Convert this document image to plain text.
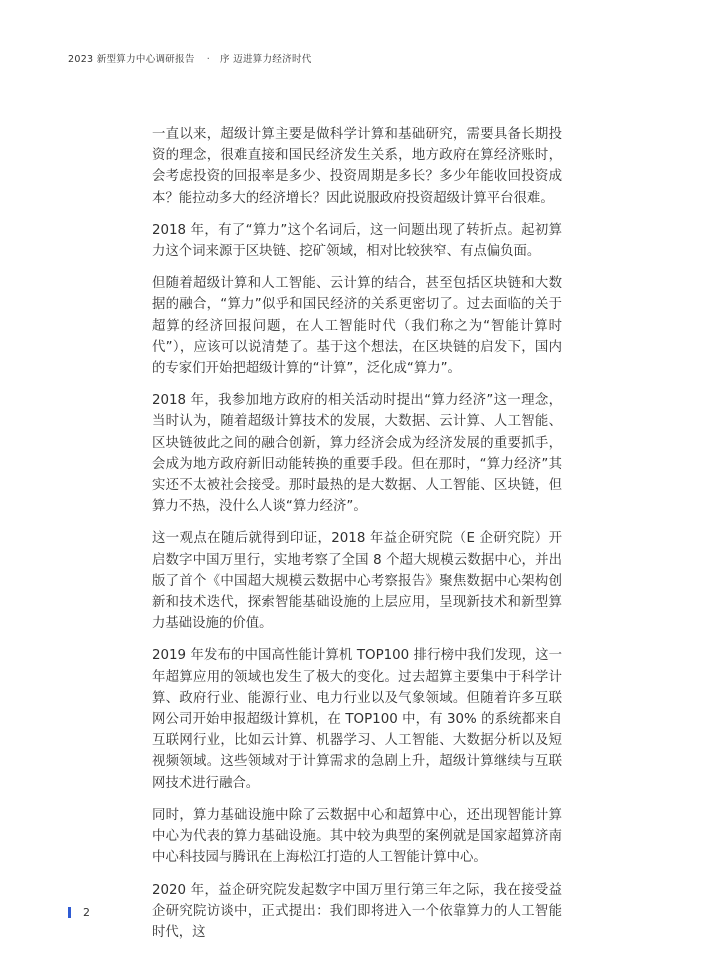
2023 新型算力中心调研报告 · 序 迈进算力经济时代

一直以来，超级计算主要是做科学计算和基础研究，需要具备长期投资的理念，很难直接和国民经济发生关系，地方政府在算经济账时，会考虑投资的回报率是多少、投资周期是多长？多少年能收回投资成本？能拉动多大的经济增长？因此说服政府投资超级计算平台很难。

2018 年，有了“算力”这个名词后，这一问题出现了转折点。起初算力这个词来源于区块链、挖矿领域，相对比较狭窄、有点偏负面。

但随着超级计算和人工智能、云计算的结合，甚至包括区块链和大数据的融合，“算力”似乎和国民经济的关系更密切了。过去面临的关于超算的经济回报问题，在人工智能时代（我们称之为“智能计算时代”），应该可以说清楚了。基于这个想法，在区块链的启发下，国内的专家们开始把超级计算的“计算”，泛化成“算力”。

2018 年，我参加地方政府的相关活动时提出“算力经济”这一理念，当时认为，随着超级计算技术的发展，大数据、云计算、人工智能、区块链彼此之间的融合创新，算力经济会成为经济发展的重要抓手，会成为地方政府新旧动能转换的重要手段。但在那时，“算力经济”其实还不太被社会接受。那时最热的是大数据、人工智能、区块链，但算力不热，没什么人谈“算力经济”。

这一观点在随后就得到印证，2018 年益企研究院（E 企研究院）开启数字中国万里行，实地考察了全国 8 个超大规模云数据中心，并出版了首个《中国超大规模云数据中心考察报告》聚焦数据中心架构创新和技术迭代，探索智能基础设施的上层应用，呈现新技术和新型算力基础设施的价值。

2019 年发布的中国高性能计算机 TOP100 排行榜中我们发现，这一年超算应用的领域也发生了极大的变化。过去超算主要集中于科学计算、政府行业、能源行业、电力行业以及气象领域。但随着许多互联网公司开始申报超级计算机，在 TOP100 中，有 30% 的系统都来自互联网行业，比如云计算、机器学习、人工智能、大数据分析以及短视频领域。这些领域对于计算需求的急剧上升，超级计算继续与互联网技术进行融合。

同时，算力基础设施中除了云数据中心和超算中心，还出现智能计算中心为代表的算力基础设施。其中较为典型的案例就是国家超算济南中心科技园与腾讯在上海松江打造的人工智能计算中心。

2020 年，益企研究院发起数字中国万里行第三年之际，我在接受益企研究院访谈中，正式提出：我们即将进入一个依靠算力的人工智能时代，这

2
